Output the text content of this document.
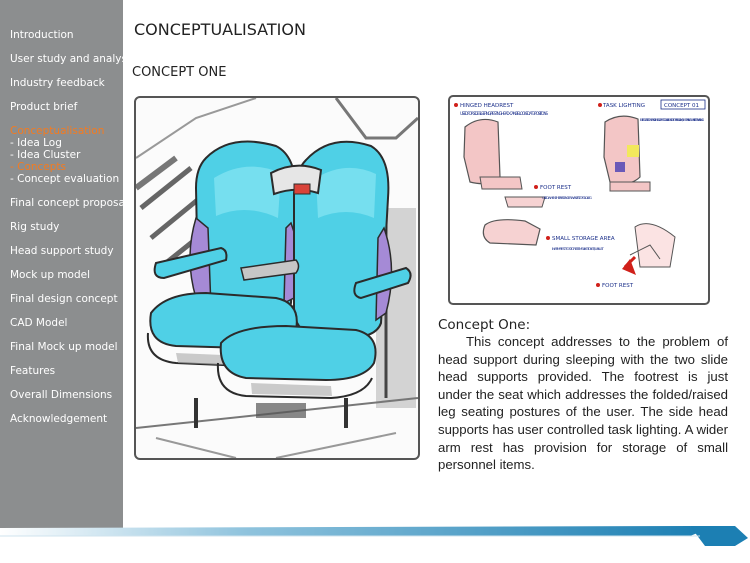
Introduction
User study and analysis
Industry feedback
Product brief
Conceptualisation
- Idea Log
- Idea Cluster
- Concepts
- Concept evaluation
Final concept proposal
Rig study
Head support study
Mock up model
Final design concept
CAD Model
Final Mock up model
Features
Overall Dimensions
Acknowledgement
CONCEPTUALISATION
CONCEPT ONE
HINGED HEADREST
USED FOR SIDE SLEEPING/RESTING HEAD - CAN BE LOCKED AT 3 POSITIONS
TASK LIGHTING	CONCEPT 01
INTEGRATED WITH SIDE HEADREST CAN BE USED FOR READING/WORKING WHILE TRAVELLING
FOOT REST
USED WHEN THE PASSENGER WANTS TO FOLD LEG
SMALL STORAGE AREA
IN ARM REST TO STORE ITEMS LIKE TICKET/WALLET
FOOT REST
Concept One:
This concept addresses to the problem of head support during sleeping with the two slide head supports provided. The footrest is just under the seat which addresses the folded/raised leg seating postures of the user. The side head supports has user controlled task lighting. A wider arm rest has provision for storage of small personnel items.
